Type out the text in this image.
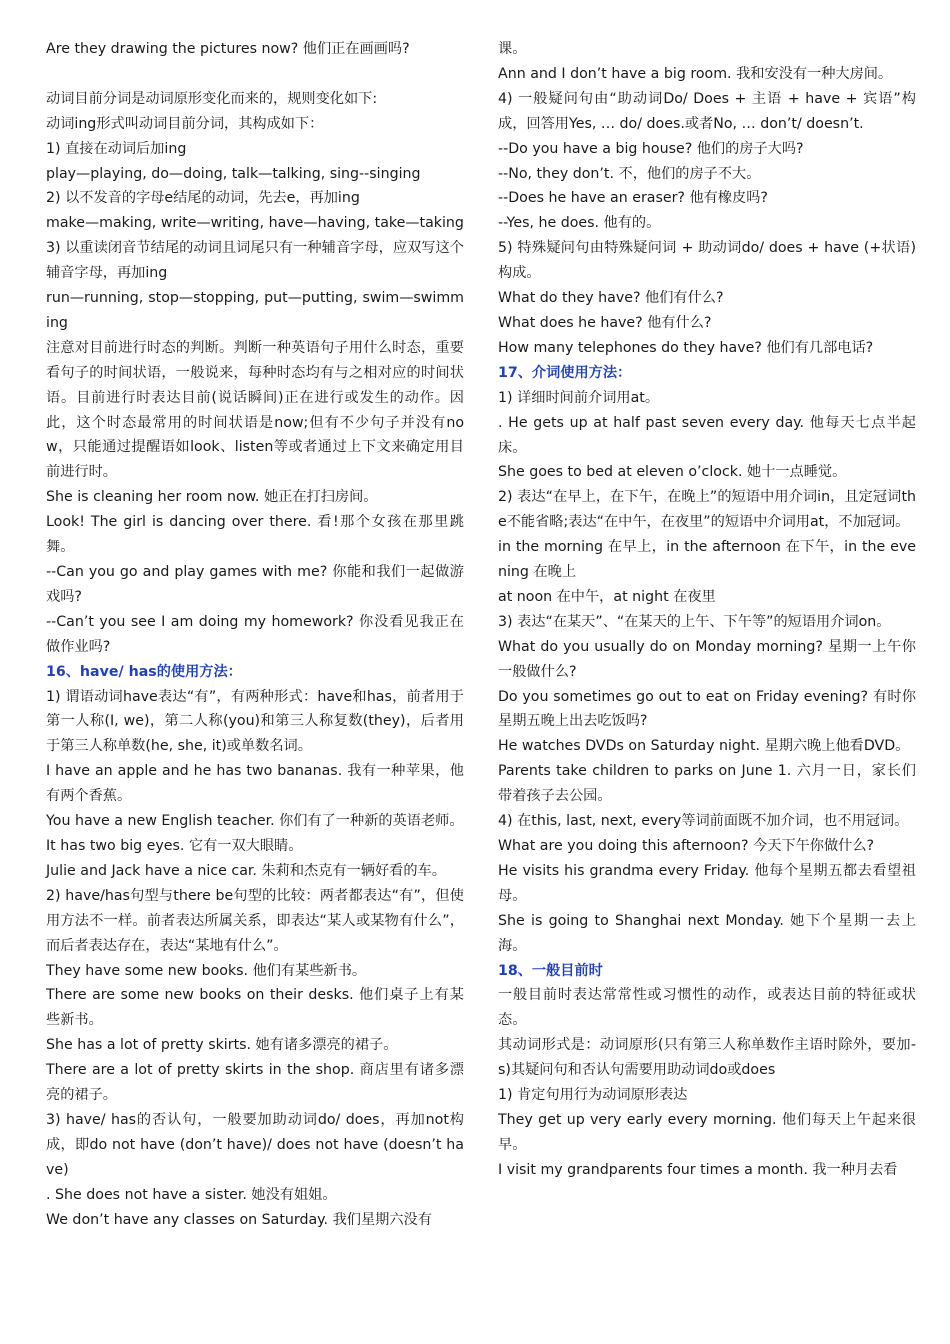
Are they drawing the pictures now? 他们正在画画吗?
动词目前分词是动词原形变化而来的，规则变化如下:
动词ing形式叫动词目前分词，其构成如下：
1) 直接在动词后加ing
play—playing, do—doing, talk—talking, sing--singing
2) 以不发音的字母e结尾的动词，先去e，再加ing
make—making, write—writing, have—having, take—taking
3) 以重读闭音节结尾的动词且词尾只有一种辅音字母，应双写这个辅音字母，再加ing
run—running, stop—stopping, put—putting, swim—swimming
注意对目前进行时态的判断。判断一种英语句子用什么时态，重要看句子的时间状语，一般说来，每种时态均有与之相对应的时间状语。目前进行时表达目前(说话瞬间)正在进行或发生的动作。因此，这个时态最常用的时间状语是now;但有不少句子并没有now，只能通过提醒语如look、listen等或者通过上下文来确定用目前进行时。
She is cleaning her room now. 她正在打扫房间。
Look! The girl is dancing over there. 看!那个女孩在那里跳舞。
--Can you go and play games with me? 你能和我们一起做游戏吗?
--Can’t you see I am doing my homework? 你没看见我正在做作业吗?
16、have/ has的使用方法：
1) 谓语动词have表达“有”，有两种形式：have和has，前者用于第一人称(I, we)，第二人称(you)和第三人称复数(they)，后者用于第三人称单数(he, she, it)或单数名词。
I have an apple and he has two bananas. 我有一种苹果，他有两个香蕉。
You have a new English teacher. 你们有了一种新的英语老师。
It has two big eyes. 它有一双大眼睛。
Julie and Jack have a nice car. 朱莉和杰克有一辆好看的车。
2) have/has句型与there be句型的比较：两者都表达“有”，但使用方法不一样。前者表达所属关系，即表达“某人或某物有什么”，而后者表达存在，表达“某地有什么”。
They have some new books. 他们有某些新书。
There are some new books on their desks. 他们桌子上有某些新书。
She has a lot of pretty skirts. 她有诸多漂亮的裙子。
There are a lot of pretty skirts in the shop. 商店里有诸多漂亮的裙子。
3) have/ has的否认句，一般要加助动词do/ does，再加not构成，即do not have (don’t have)/ does not have (doesn’t have)
. She does not have a sister. 她没有姐姐。
We don’t have any classes on Saturday. 我们星期六没有
课。
Ann and I don’t have a big room. 我和安没有一种大房间。
4) 一般疑问句由“助动词Do/ Does + 主语 + have + 宾语”构成，回答用Yes, … do/ does.或者No, … don’t/ doesn’t.
--Do you have a big house? 他们的房子大吗?
--No, they don’t. 不，他们的房子不大。
--Does he have an eraser? 他有橡皮吗?
--Yes, he does. 他有的。
5) 特殊疑问句由特殊疑问词 + 助动词do/ does + have (+状语)构成。
What do they have? 他们有什么?
What does he have? 他有什么?
How many telephones do they have? 他们有几部电话?
17、介词使用方法：
1) 详细时间前介词用at。
. He gets up at half past seven every day. 他每天七点半起床。
She goes to bed at eleven o’clock. 她十一点睡觉。
2) 表达“在早上，在下午，在晚上”的短语中用介词in，且定冠词the不能省略;表达“在中午，在夜里”的短语中介词用at，不加冠词。
in the morning 在早上，in the afternoon 在下午，in the evening 在晚上
at noon 在中午，at night 在夜里
3) 表达“在某天”、“在某天的上午、下午等”的短语用介词on。
What do you usually do on Monday morning? 星期一上午你一般做什么?
Do you sometimes go out to eat on Friday evening? 有时你星期五晚上出去吃饭吗?
He watches DVDs on Saturday night. 星期六晚上他看DVD。
Parents take children to parks on June 1. 六月一日，家长们带着孩子去公园。
4) 在this, last, next, every等词前面既不加介词，也不用冠词。
What are you doing this afternoon? 今天下午你做什么?
He visits his grandma every Friday. 他每个星期五都去看望祖母。
She is going to Shanghai next Monday. 她下个星期一去上海。
18、一般目前时
一般目前时表达常常性或习惯性的动作，或表达目前的特征或状态。
其动词形式是：动词原形(只有第三人称单数作主语时除外，要加-s)其疑问句和否认句需要用助动词do或does
1) 肯定句用行为动词原形表达
They get up very early every morning. 他们每天上午起来很早。
I visit my grandparents four times a month. 我一种月去看
